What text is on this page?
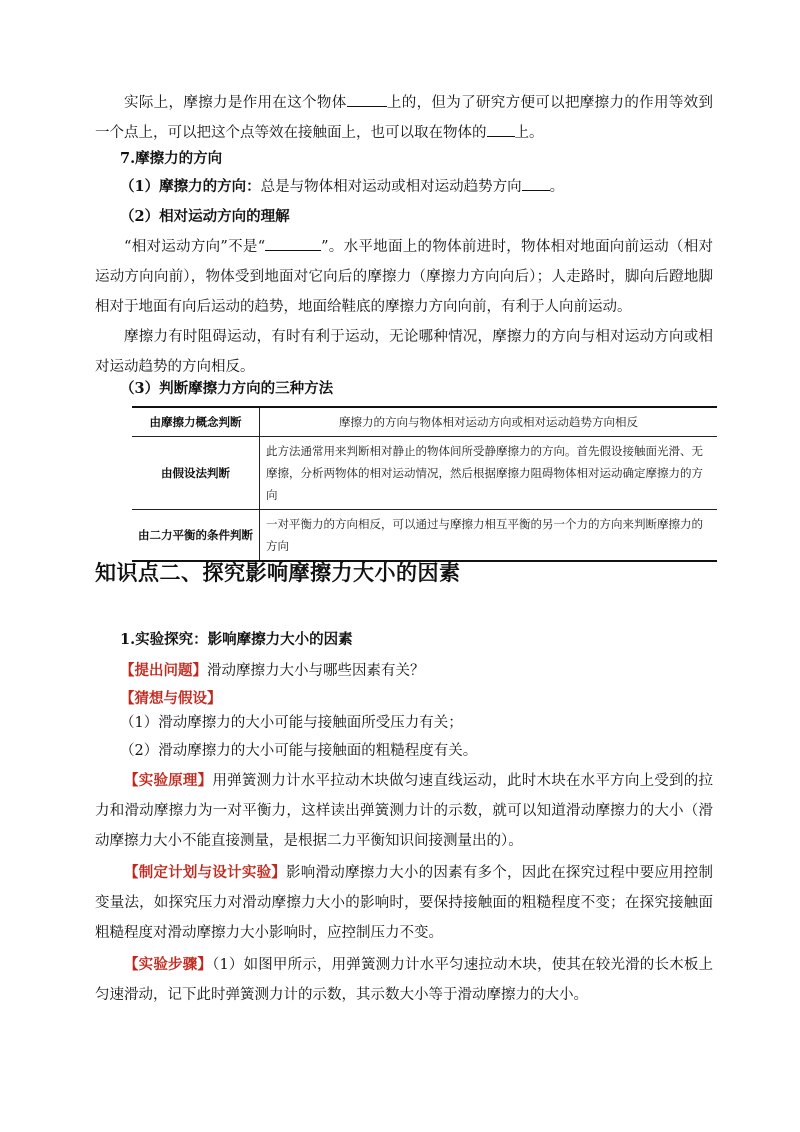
实际上，摩擦力是作用在这个物体	上的，但为了研究方便可以把摩擦力的作用等效到一个点上，可以把这个点等效在接触面上，也可以取在物体的 上。

7.摩擦力的方向

（1）摩擦力的方向：总是与物体相对运动或相对运动趋势方向 。

（2）相对运动方向的理解

“相对运动方向”不是“	”。水平地面上的物体前进时，物体相对地面向前运动（相对运动方向向前），物体受到地面对它向后的摩擦力（摩擦力方向向后）；人走路时，脚向后蹬地脚相对于地面有向后运动的趋势，地面给鞋底的摩擦力方向向前，有利于人向前运动。

摩擦力有时阻碍运动，有时有利于运动，无论哪种情况，摩擦力的方向与相对运动方向或相对运动趋势的方向相反。

（3）判断摩擦力方向的三种方法

由摩擦力概念判断	摩擦力的方向与物体相对运动方向或相对运动趋势方向相反
由假设法判断	此方法通常用来判断相对静止的物体间所受静摩擦力的方向。首先假设接触面光滑、无摩擦，分析两物体的相对运动情况，然后根据摩擦力阻碍物体相对运动确定摩擦力的方向
由二力平衡的条件判断	一对平衡力的方向相反，可以通过与摩擦力相互平衡的另一个力的方向来判断摩擦力的方向
知识点二、探究影响摩擦力大小的因素

1.实验探究：影响摩擦力大小的因素

【提出问题】滑动摩擦力大小与哪些因素有关？

【猜想与假设】

（1）滑动摩擦力的大小可能与接触面所受压力有关；

（2）滑动摩擦力的大小可能与接触面的粗糙程度有关。

【实验原理】用弹簧测力计水平拉动木块做匀速直线运动，此时木块在水平方向上受到的拉力和滑动摩擦力为一对平衡力，这样读出弹簧测力计的示数，就可以知道滑动摩擦力的大小（滑动摩擦力大小不能直接测量，是根据二力平衡知识间接测量出的）。

【制定计划与设计实验】影响滑动摩擦力大小的因素有多个，因此在探究过程中要应用控制变量法，如探究压力对滑动摩擦力大小的影响时，要保持接触面的粗糙程度不变；在探究接触面粗糙程度对滑动摩擦力大小影响时，应控制压力不变。

【实验步骤】（1）如图甲所示，用弹簧测力计水平匀速拉动木块，使其在较光滑的长木板上匀速滑动，记下此时弹簧测力计的示数，其示数大小等于滑动摩擦力的大小。
